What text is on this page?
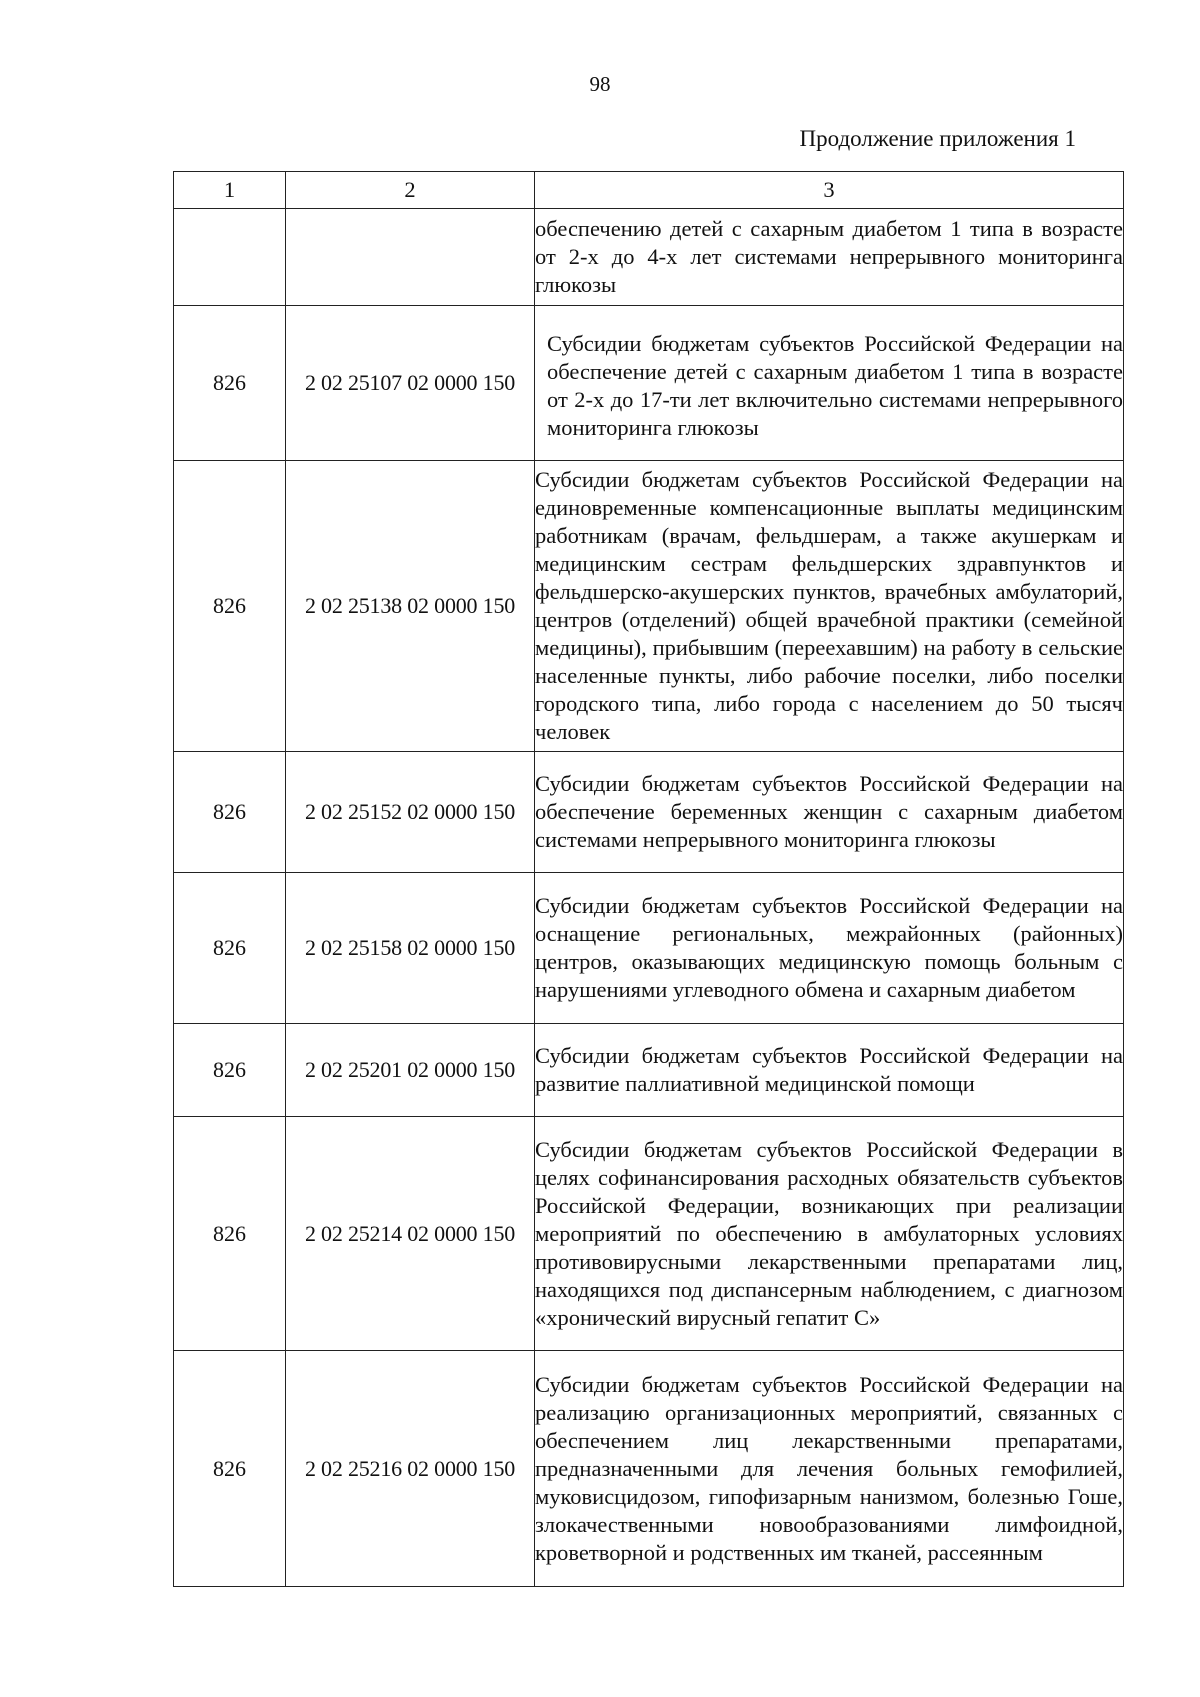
98
Продолжение приложения 1
1	2	3

		обеспечению детей с сахарным диабетом 1 типа в возрасте от 2-х до 4-х лет системами непрерывного мониторинга глюкозы

826	2 02 25107 02 0000 150	Субсидии бюджетам субъектов Российской Федерации на обеспечение детей с сахарным диабетом 1 типа в возрасте от 2-х до 17-ти лет включительно системами непрерывного мониторинга глюкозы

826	2 02 25138 02 0000 150	Субсидии бюджетам субъектов Российской Федерации на единовременные компенсационные выплаты медицинским работникам (врачам, фельдшерам, а также акушеркам и медицинским сестрам фельдшерских здравпунктов и фельдшерско-акушерских пунктов, врачебных амбулаторий, центров (отделений) общей врачебной практики (семейной медицины), прибывшим (переехавшим) на работу в сельские населенные пункты, либо рабочие поселки, либо поселки городского типа, либо города с населением до 50 тысяч человек

826	2 02 25152 02 0000 150	Субсидии бюджетам субъектов Российской Федерации на обеспечение беременных женщин с сахарным диабетом системами непрерывного мониторинга глюкозы

826	2 02 25158 02 0000 150	Субсидии бюджетам субъектов Российской Федерации на оснащение региональных, межрайонных (районных) центров, оказывающих медицинскую помощь больным с нарушениями углеводного обмена и сахарным диабетом

826	2 02 25201 02 0000 150	Субсидии бюджетам субъектов Российской Федерации на развитие паллиативной медицинской помощи

826	2 02 25214 02 0000 150	Субсидии бюджетам субъектов Российской Федерации в целях софинансирования расходных обязательств субъектов Российской Федерации, возникающих при реализации мероприятий по обеспечению в амбулаторных условиях противовирусными лекарственными препаратами лиц, находящихся под диспансерным наблюдением, с диагнозом «хронический вирусный гепатит С»

826	2 02 25216 02 0000 150	Субсидии бюджетам субъектов Российской Федерации на реализацию организационных мероприятий, связанных с обеспечением лиц лекарственными препаратами, предназначенными для лечения больных гемофилией, муковисцидозом, гипофизарным нанизмом, болезнью Гоше, злокачественными новообразованиями лимфоидной, кроветворной и родственных им тканей, рассеянным
